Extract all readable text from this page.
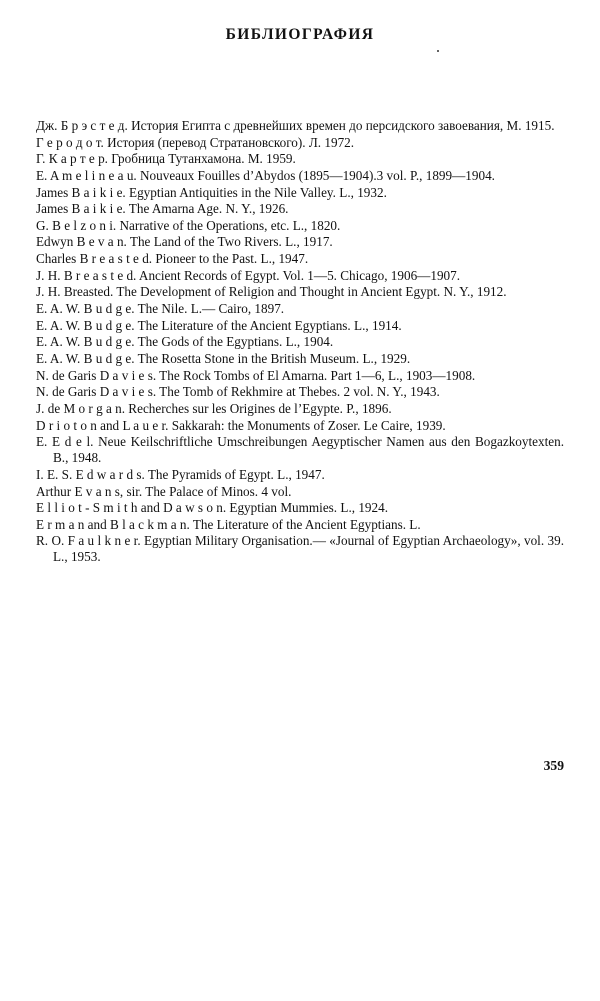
БИБЛИОГРАФИЯ
Дж. Б р э с т е д. История Египта с древнейших времен до персидского завоевания, М. 1915.
Г е р о д о т. История (перевод Стратановского). Л. 1972.
Г. К а р т е р. Гробница Тутанхамона. М. 1959.
E. A m e l i n e a u. Nouveaux Fouilles d’Abydos (1895—1904).3 vol. P., 1899—1904.
James B a i k i e. Egyptian Antiquities in the Nile Valley. L., 1932.
James B a i k i e. The Amarna Age. N. Y., 1926.
G. B e l z o n i. Narrative of the Operations, etc. L., 1820.
Edwyn B e v a n. The Land of the Two Rivers. L., 1917.
Charles B r e a s t e d. Pioneer to the Past. L., 1947.
J. H. B r e a s t e d. Ancient Records of Egypt. Vol. 1—5. Chicago, 1906—1907.
J. H. Breasted. The Development of Religion and Thought in Ancient Egypt. N. Y., 1912.
E. A. W. B u d g e. The Nile. L.— Cairo, 1897.
E. A. W. B u d g e. The Literature of the Ancient Egyptians. L., 1914.
E. A. W. B u d g e. The Gods of the Egyptians. L., 1904.
E. A. W. B u d g e. The Rosetta Stone in the British Museum. L., 1929.
N. de Garis D a v i e s. The Rock Tombs of El Amarna. Part 1—6, L., 1903—1908.
N. de Garis D a v i e s. The Tomb of Rekhmire at Thebes. 2 vol. N. Y., 1943.
J. de M o r g a n. Recherches sur les Origines de l’Egypte. P., 1896.
D r i o t o n and L a u e r. Sakkarah: the Monuments of Zoser. Le Caire, 1939.
E. E d e l. Neue Keilschriftliche Umschreibungen Aegyptischer Namen aus den Bogazkoytexten. B., 1948.
I. E. S. E d w a r d s. The Pyramids of Egypt. L., 1947.
Arthur E v a n s, sir. The Palace of Minos. 4 vol.
E l l i o t - S m i t h and D a w s o n. Egyptian Mummies. L., 1924.
E r m a n and B l a c k m a n. The Literature of the Ancient Egyptians. L.
R. O. F a u l k n e r. Egyptian Military Organisation.— «Journal of Egyptian Archaeology», vol. 39. L., 1953.
359
